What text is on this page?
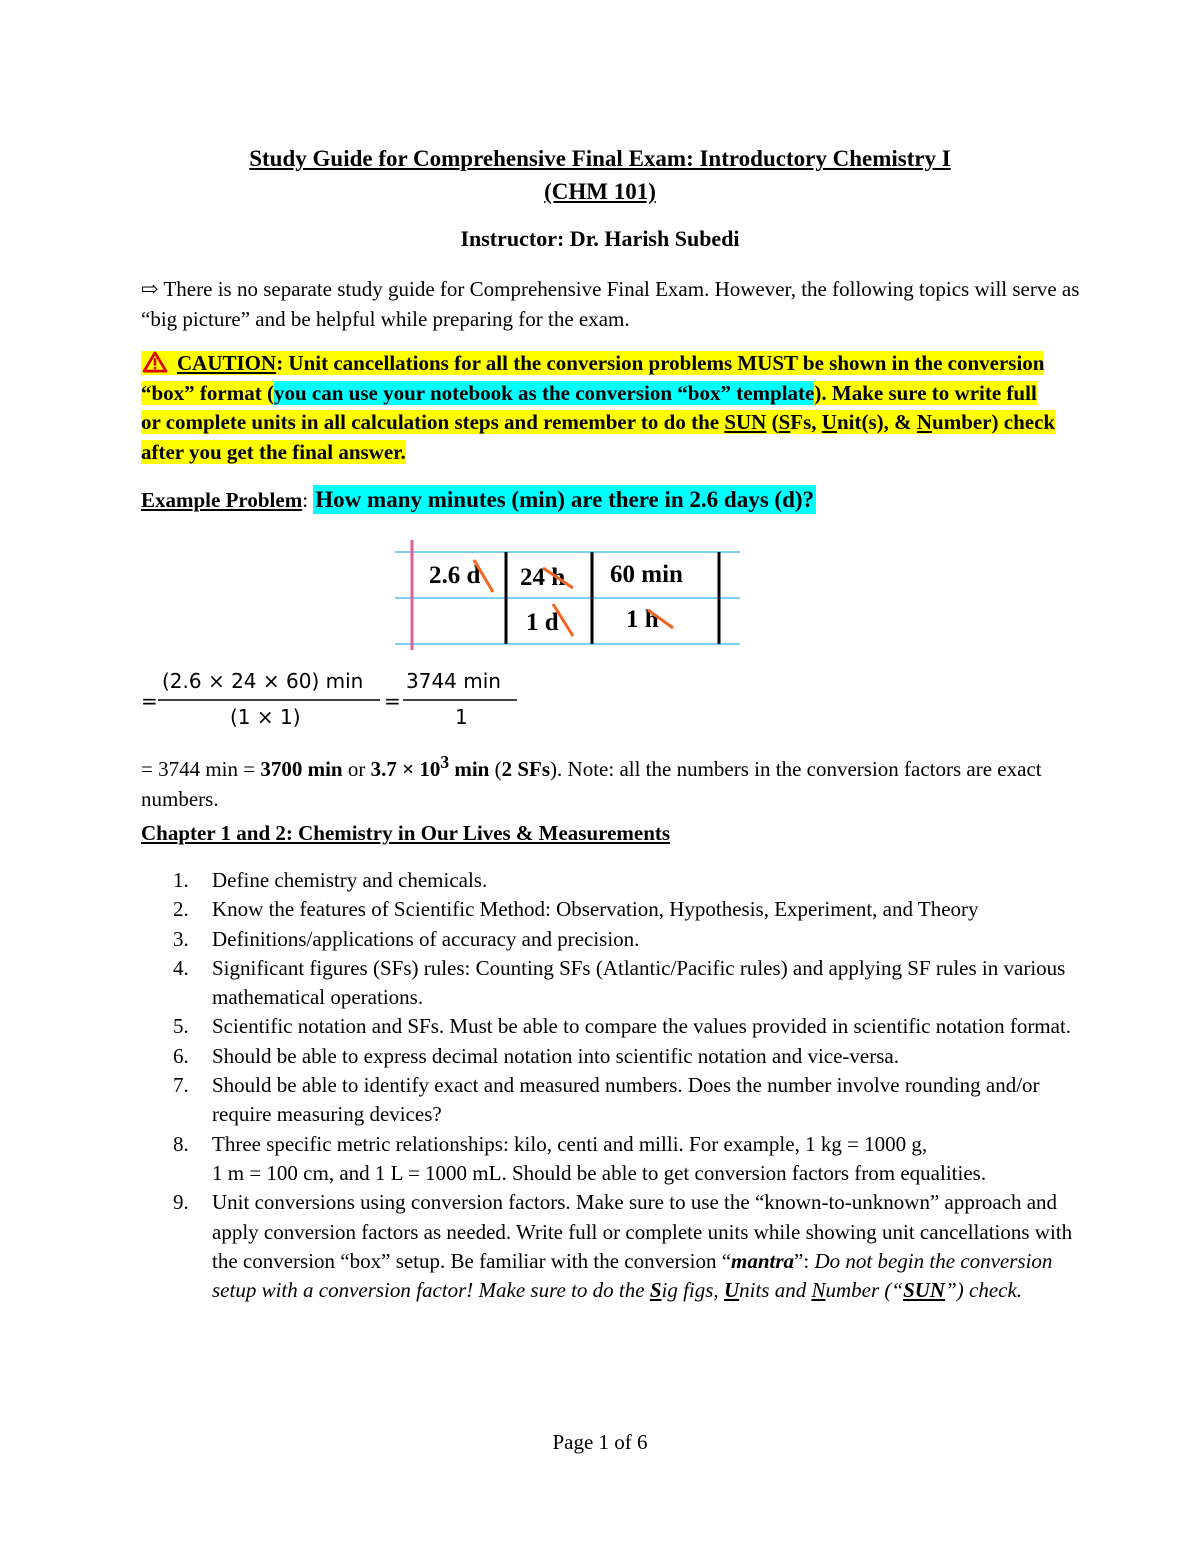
Study Guide for Comprehensive Final Exam: Introductory Chemistry I
(CHM 101)
Instructor: Dr. Harish Subedi
⇨ There is no separate study guide for Comprehensive Final Exam. However, the following topics will serve as “big picture” and be helpful while preparing for the exam.
CAUTION: Unit cancellations for all the conversion problems MUST be shown in the conversion “box” format (you can use your notebook as the conversion “box” template). Make sure to write full or complete units in all calculation steps and remember to do the SUN (SFs, Unit(s), & Number) check after you get the final answer.
Example Problem: How many minutes (min) are there in 2.6 days (d)?
2.6 d 24 h 60 min
1 d	1 h
=
(2.6 × 24 × 60) min
(1 × 1)
=
3744 min
1
= 3744 min = 3700 min or $3.7 \times 10^3$ min (2 SFs). Note: all the numbers in the conversion factors are exact numbers.
Chapter 1 and 2: Chemistry in Our Lives & Measurements
1. Define chemistry and chemicals.
2. Know the features of Scientific Method: Observation, Hypothesis, Experiment, and Theory
3. Definitions/applications of accuracy and precision.
4. Significant figures (SFs) rules: Counting SFs (Atlantic/Pacific rules) and applying SF rules in various mathematical operations.
5. Scientific notation and SFs. Must be able to compare the values provided in scientific notation format.
6. Should be able to express decimal notation into scientific notation and vice-versa.
7. Should be able to identify exact and measured numbers. Does the number involve rounding and/or require measuring devices?
8. Three specific metric relationships: kilo, centi and milli. For example, 1 kg = 1000 g,
1 m = 100 cm, and 1 L = 1000 mL. Should be able to get conversion factors from equalities.
9. Unit conversions using conversion factors. Make sure to use the “known-to-unknown” approach and apply conversion factors as needed. Write full or complete units while showing unit cancellations with the conversion “box” setup. Be familiar with the conversion “mantra”: Do not begin the conversion setup with a conversion factor! Make sure to do the Sig figs, Units and Number (“SUN”) check.
Page 1 of 6
